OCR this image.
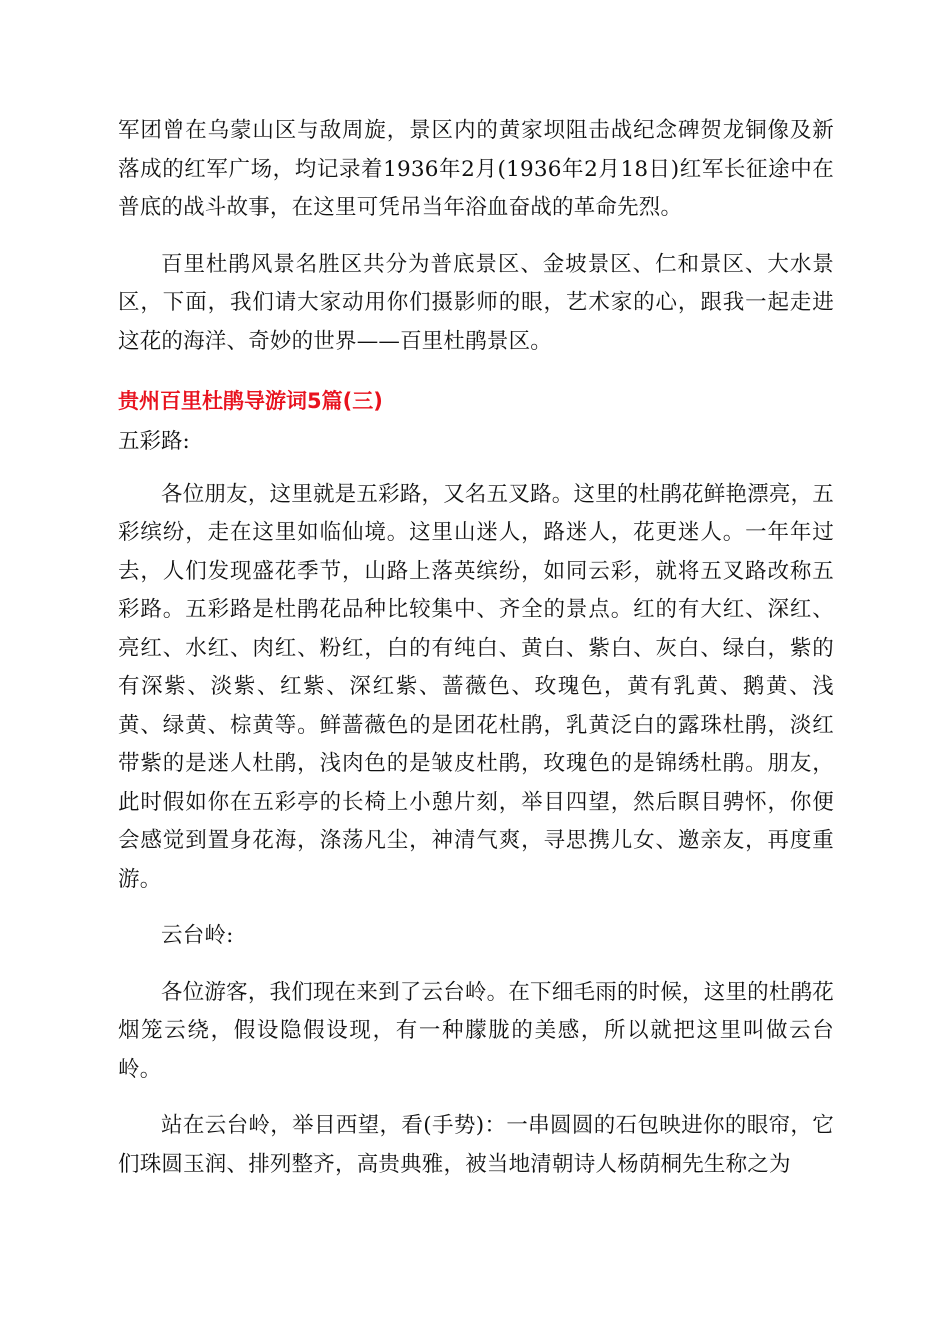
军团曾在乌蒙山区与敌周旋，景区内的黄家坝阻击战纪念碑贺龙铜像及新落成的红军广场，均记录着1936年2月(1936年2月18日)红军长征途中在普底的战斗故事，在这里可凭吊当年浴血奋战的革命先烈。

百里杜鹃风景名胜区共分为普底景区、金坡景区、仁和景区、大水景区，下面，我们请大家动用你们摄影师的眼，艺术家的心，跟我一起走进这花的海洋、奇妙的世界——百里杜鹃景区。

贵州百里杜鹃导游词5篇(三)

五彩路:

各位朋友，这里就是五彩路，又名五叉路。这里的杜鹃花鲜艳漂亮，五彩缤纷，走在这里如临仙境。这里山迷人，路迷人，花更迷人。一年年过去，人们发现盛花季节，山路上落英缤纷，如同云彩，就将五叉路改称五彩路。五彩路是杜鹃花品种比较集中、齐全的景点。红的有大红、深红、亮红、水红、肉红、粉红，白的有纯白、黄白、紫白、灰白、绿白，紫的有深紫、淡紫、红紫、深红紫、蔷薇色、玫瑰色，黄有乳黄、鹅黄、浅黄、绿黄、棕黄等。鲜蔷薇色的是团花杜鹃，乳黄泛白的露珠杜鹃，淡红带紫的是迷人杜鹃，浅肉色的是皱皮杜鹃，玫瑰色的是锦绣杜鹃。朋友，此时假如你在五彩亭的长椅上小憩片刻，举目四望，然后瞑目骋怀，你便会感觉到置身花海，涤荡凡尘，神清气爽，寻思携儿女、邀亲友，再度重游。

云台岭:

各位游客，我们现在来到了云台岭。在下细毛雨的时候，这里的杜鹃花烟笼云绕，假设隐假设现，有一种朦胧的美感，所以就把这里叫做云台岭。

站在云台岭，举目西望，看(手势)：一串圆圆的石包映进你的眼帘，它们珠圆玉润、排列整齐，高贵典雅，被当地清朝诗人杨荫桐先生称之为
